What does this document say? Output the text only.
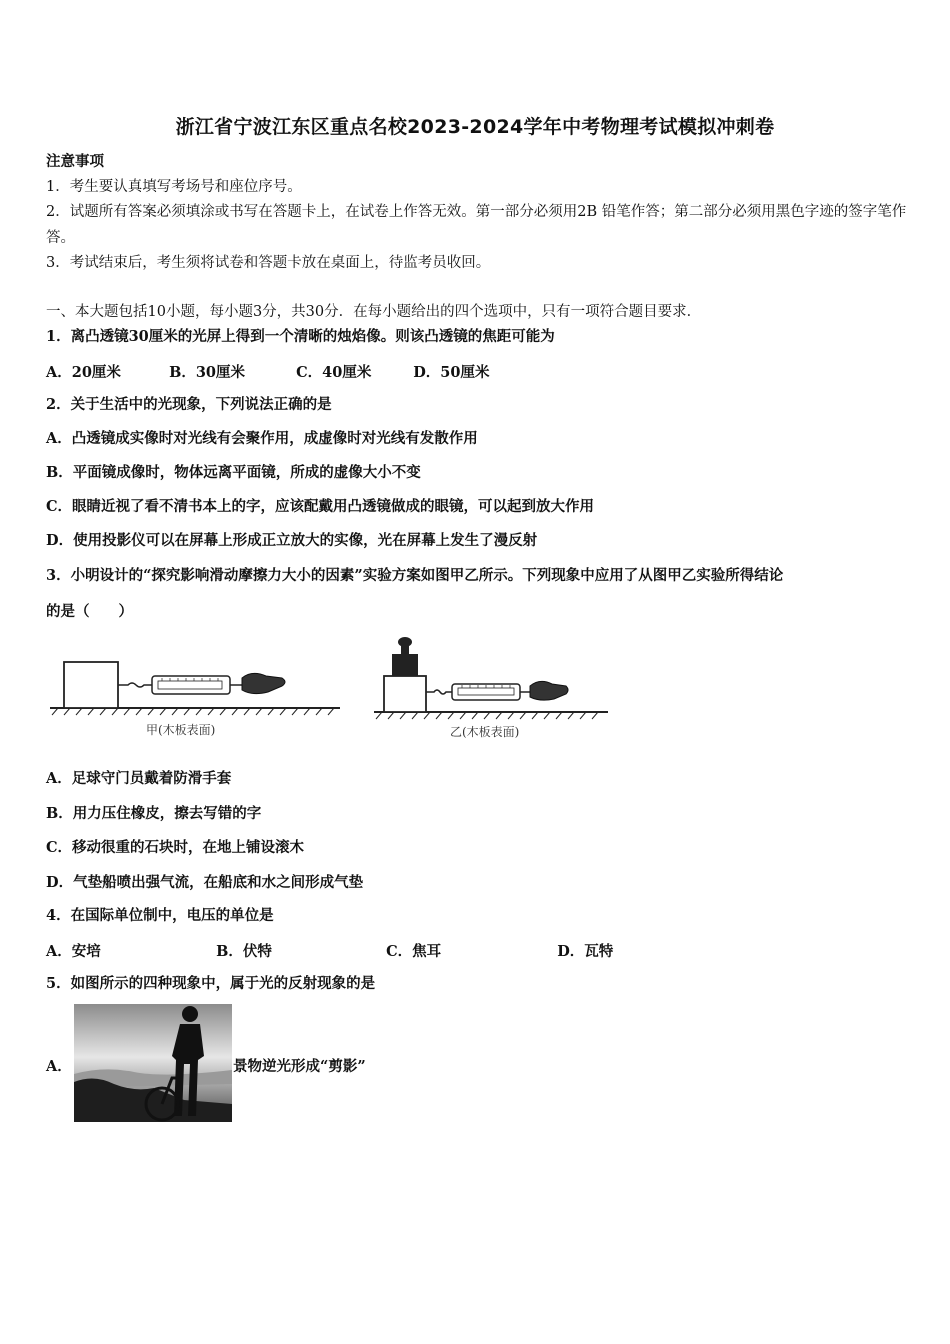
浙江省宁波江东区重点名校2023-2024学年中考物理考试模拟冲刺卷
注意事项
1．考生要认真填写考场号和座位序号。
2．试题所有答案必须填涂或书写在答题卡上，在试卷上作答无效。第一部分必须用2B 铅笔作答；第二部分必须用黑色字迹的签字笔作答。
3．考试结束后，考生须将试卷和答题卡放在桌面上，待监考员收回。
一、本大题包括10小题，每小题3分，共30分．在每小题给出的四个选项中，只有一项符合题目要求．
1．离凸透镜30厘米的光屏上得到一个清晰的烛焰像。则该凸透镜的焦距可能为
A．20厘米	B．30厘米	C．40厘米	D．50厘米
2．关于生活中的光现象，下列说法正确的是
A．凸透镜成实像时对光线有会聚作用，成虚像时对光线有发散作用
B．平面镜成像时，物体远离平面镜，所成的虚像大小不变
C．眼睛近视了看不清书本上的字，应该配戴用凸透镜做成的眼镜，可以起到放大作用
D．使用投影仪可以在屏幕上形成正立放大的实像，光在屏幕上发生了漫反射
3．小明设计的“探究影响滑动摩擦力大小的因素”实验方案如图甲乙所示。下列现象中应用了从图甲乙实验所得结论
的是（　　）
甲(木板表面)	乙(木板表面)
A．足球守门员戴着防滑手套
B．用力压住橡皮，擦去写错的字
C．移动很重的石块时，在地上铺设滚木
D．气垫船喷出强气流，在船底和水之间形成气垫
4．在国际单位制中，电压的单位是
A．安培	B．伏特	C．焦耳	D．瓦特
5．如图所示的四种现象中，属于光的反射现象的是
A．	景物逆光形成“剪影”
